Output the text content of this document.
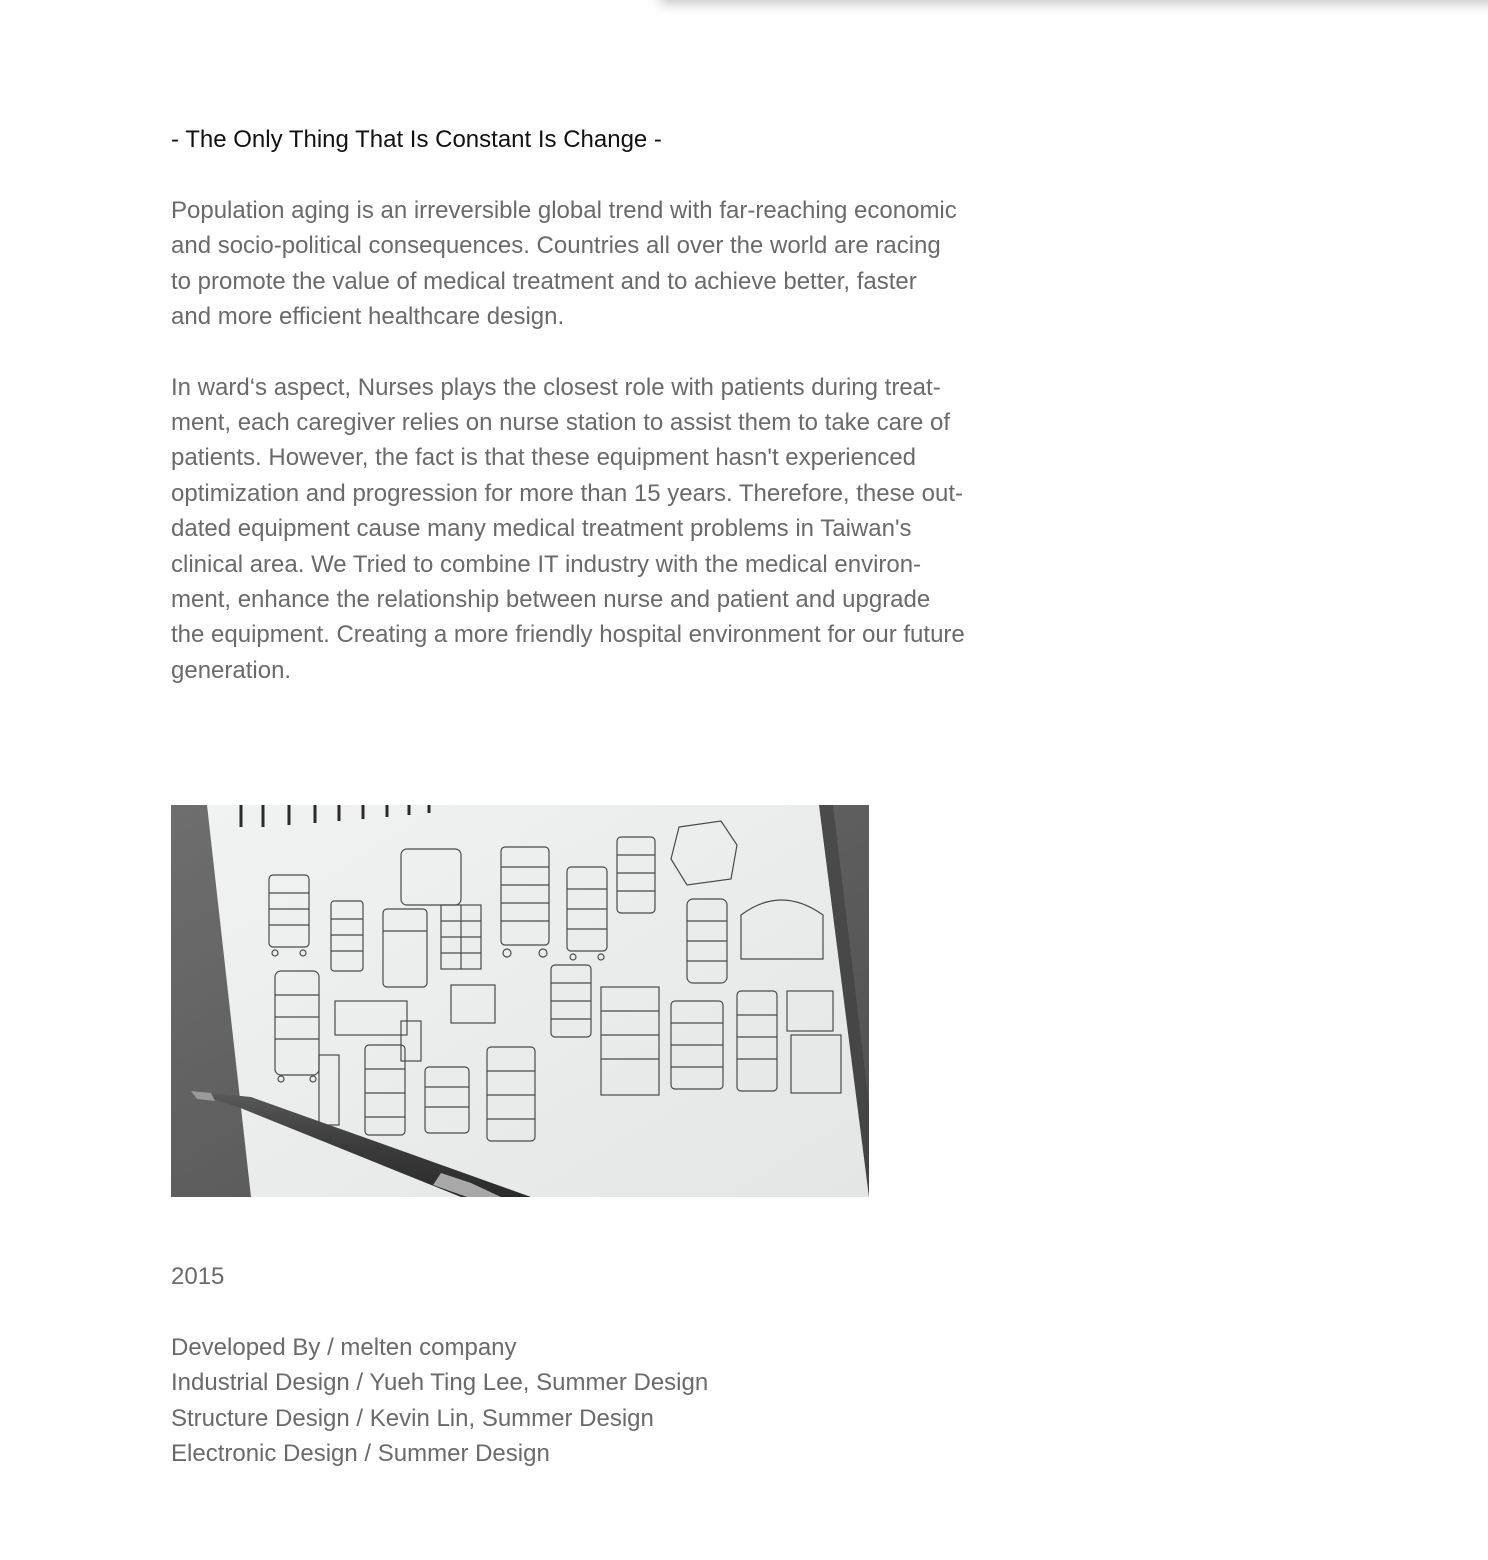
- The Only Thing That Is Constant Is Change -

Population aging is an irreversible global trend with far-reaching economic
and socio-political consequences. Countries all over the world are racing
to promote the value of medical treatment and to achieve better, faster
and more efficient healthcare design.

In ward‘s aspect, Nurses plays the closest role with patients during treat-
ment, each caregiver relies on nurse station to assist them to take care of
patients. However, the fact is that these equipment hasn't experienced
optimization and progression for more than 15 years. Therefore, these out-
dated equipment cause many medical treatment problems in Taiwan's
clinical area. We Tried to combine IT industry with the medical environ-
ment, enhance the relationship between nurse and patient and upgrade
the equipment. Creating a more friendly hospital environment for our future
generation.

2015

Developed By / melten company
Industrial Design / Yueh Ting Lee, Summer Design
Structure Design / Kevin Lin, Summer Design
Electronic Design / Summer Design
